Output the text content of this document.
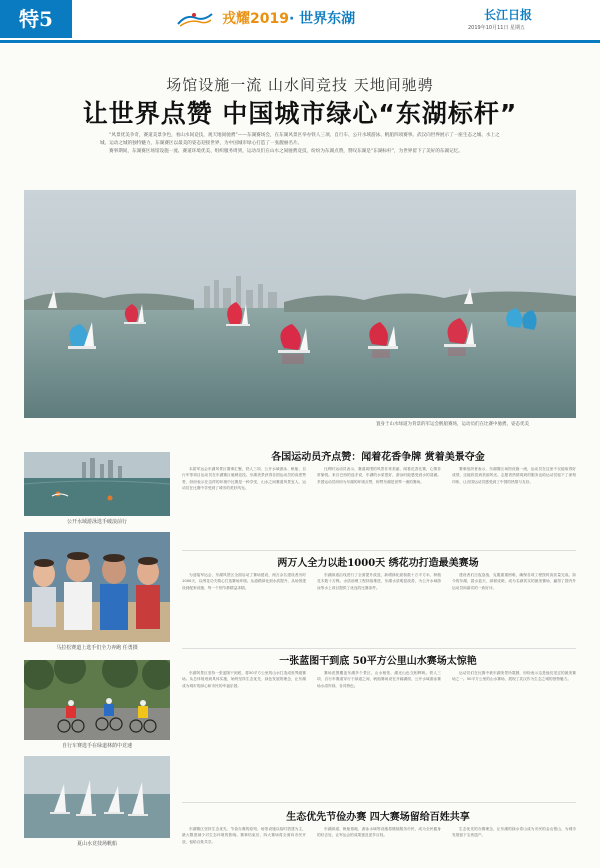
特5	戎耀2019· 世界东湖	长江日报
2019年10月11日 星期五
场馆设施一流 山水间竞技 天地间驰骋
让世界点赞 中国城市绿心“东湖标杆”

“风景优美争奇，赛道美景争色，看山水间竞技，观天地间驰骋”——东湖赛场会，在东湖风景区举办铁人三项、自行车、公开水域游泳、帆船四项赛事。武汉向世界展示了一座生态之城、水上之城、运动之城的独特魅力，东湖赛区以最美的姿态迎接世界，为中国城市绿心打造了一张靓丽名片。

赛事期间，东湖赛区场馆设施一流、赛道环境优美、组织服务周到，运动员们在山水之间驰骋竞技，纷纷为东湖点赞，赞叹东湖是“东湖标杆”，为世界留下了美好的东湖记忆。

置身于山水绿道为背景的军运会帆船赛场，运动员们在比赛中驰骋，姿态优美
公开水域游泳选手破浪前行
马拉松赛道上选手们全力奔跑 任勇摄
自行车赛选手在绿道林荫中竞速
夏山水竞技场帆船
各国运动员齐点赞：闻着花香争牌 赏着美景夺金
本届军运会东湖风景区赛事汇聚，铁人三项、公开水域游泳、帆船、自行车等项目运动员在东湖赛区驰骋竞技。东湖美景获得各国运动员的高度赞誉，纷纷表示在这样的环境中比赛是一种享受，山水之间赛道风景宜人，运动员在比赛中享受到了城市的美好风光。
比利时运动员表示，赛道周围的风景非常美丽，闻着花香比赛，心情非常愉悦。来自巴西的选手说，东湖的水质很好，游泳时能感受到水的清澈。多国运动员纷纷为东湖的环境点赞，称赞东湖是世界一流的赛场。
赛事组织者表示，东湖赛区场馆设施一流，运动员在这里不仅能取得好成绩，还能欣赏到美丽风光。志愿者热情周到的服务也给运动员留下了深刻印象，让各国运动员感受到了中国的热情与友好。
两万人全力以赴1000天 绣花功打造最美赛场
为迎接军运会，东湖风景区全面启动了赛场建设，两万余名建设者历时1000天，以绣花功夫精心打造赛场环境。从道路绿化到水质提升，从场馆建设到配套设施，每一个细节都精益求精。
东湖绿道沿线进行了全面提升改造，新增绿化面积数十万平方米，种植花木数十万株。水质治理工程持续推进，东湖水质明显改善，为公开水域游泳等水上项目提供了优良的比赛条件。
建设者们日夜奋战，克服重重困难，确保各项工程按时高质量完成。如今的东湖，碧水蓝天、绿树成荫，成为名副其实的最美赛场，赢得了国内外运动员和嘉宾的一致好评。
一张蓝图干到底 50平方公里山水赛场太惊艳
东湖风景区坚持一张蓝图干到底，将50平方公里的山水打造成世界级赛场。从总体规划到具体实施，始终坚持生态优先、绿色发展的理念，让东湖成为城市的绿心和市民的幸福乐园。
赛场范围覆盖东湖多个景区，山水相依、湖光山色交相辉映。铁人三项、自行车赛道穿行于绿道之间，帆船赛场设在开阔湖面，公开水域游泳赛场水清岸绿，各具特色。
运动员们在比赛中被东湖美景所震撼，纷纷表示这是他们见过的最美赛场之一。50平方公里的山水赛场，展现了武汉作为生态之城的独特魅力。
生态优先节俭办赛 四大赛场留给百姓共享
东湖赛区坚持生态优先、节俭办赛的原则，场馆设施以临时搭建为主，最大限度减少对生态环境的影响。赛事结束后，四大赛场将全面向市民开放，留给百姓共享。
东湖绿道、帆船基地、游泳水域等设施将继续服务市民，成为全民健身的好去处，让军运会的成果惠及更多百姓。
生态优先的办赛理念，让东湖的绿水青山成为市民的金山银山，为城市发展留下宝贵遗产。
